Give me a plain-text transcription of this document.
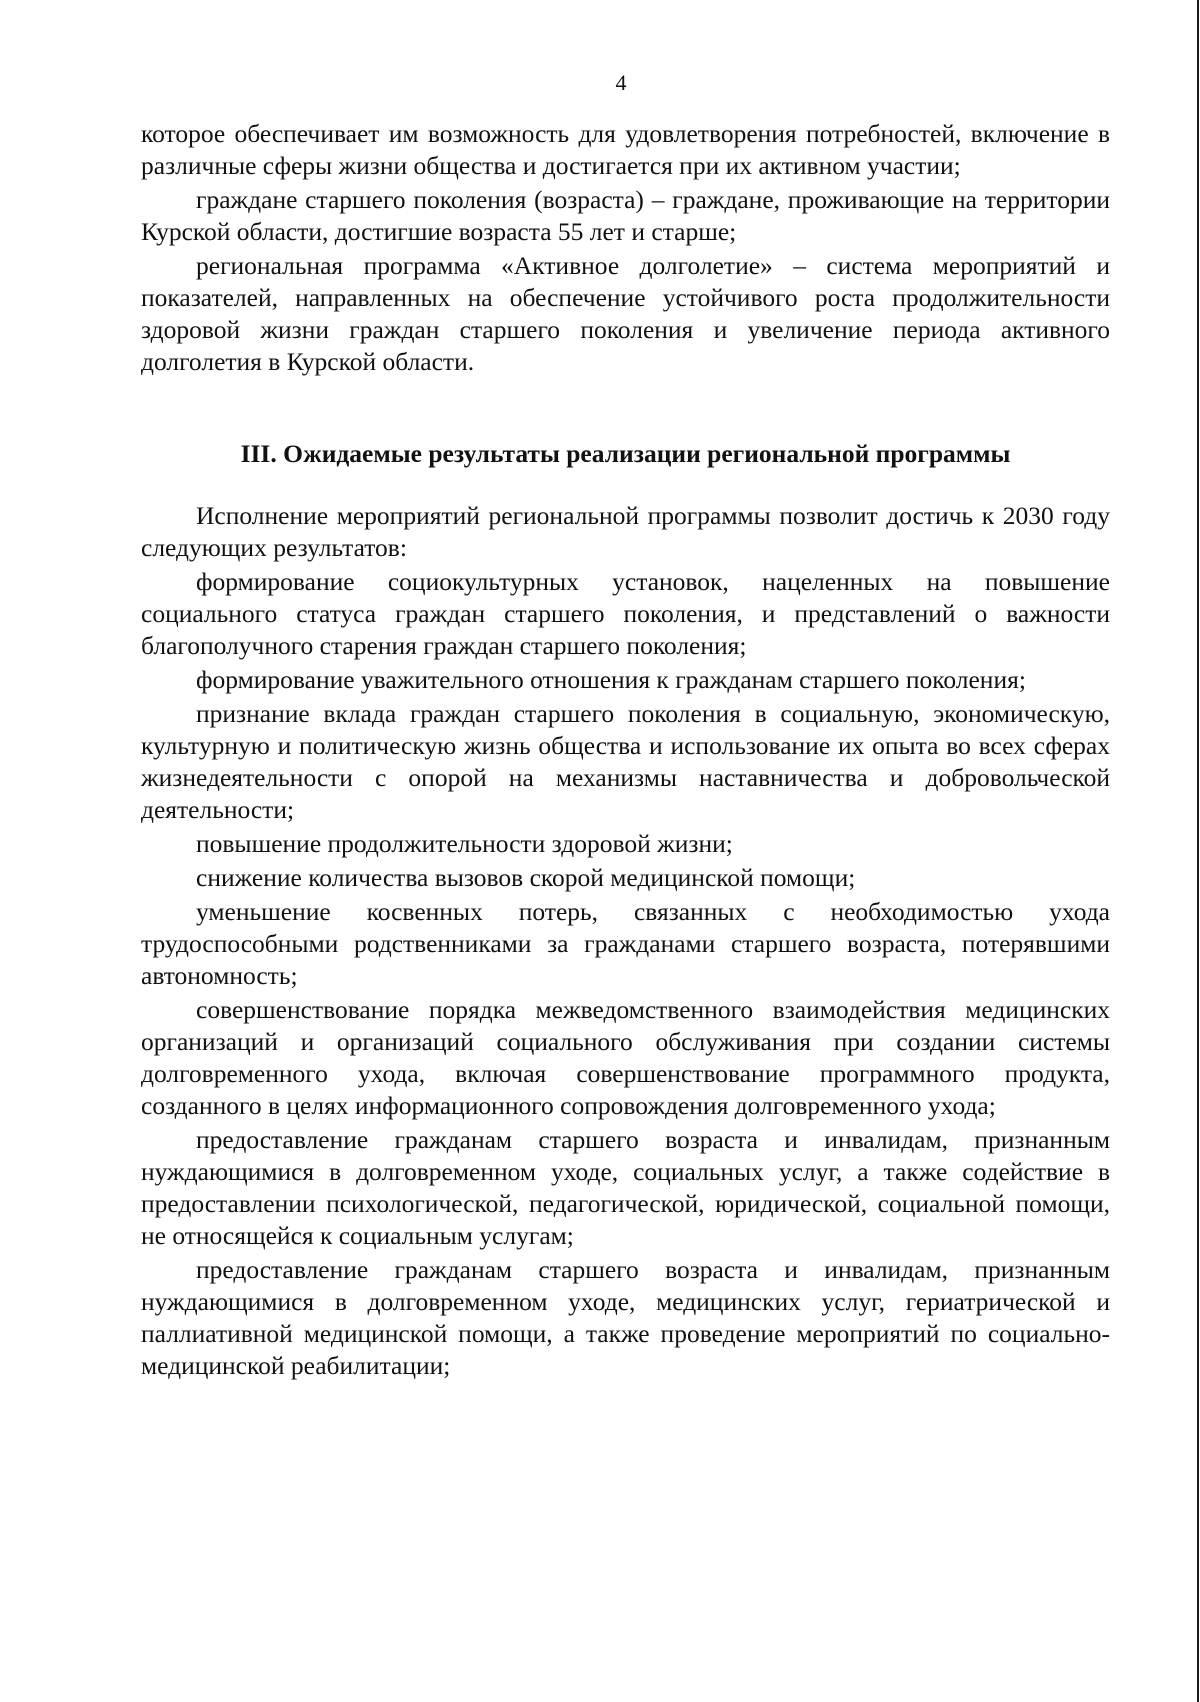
4

которое обеспечивает им возможность для удовлетворения потребностей, включение в различные сферы жизни общества и достигается при их активном участии;

граждане старшего поколения (возраста) – граждане, проживающие на территории Курской области, достигшие возраста 55 лет и старше;

региональная программа «Активное долголетие» – система мероприятий и показателей, направленных на обеспечение устойчивого роста продолжительности здоровой жизни граждан старшего поколения и увеличение периода активного долголетия в Курской области.

III. Ожидаемые результаты реализации региональной программы

Исполнение мероприятий региональной программы позволит достичь к 2030 году следующих результатов:

формирование социокультурных установок, нацеленных на повышение социального статуса граждан старшего поколения, и представлений о важности благополучного старения граждан старшего поколения;

формирование уважительного отношения к гражданам старшего поколения;

признание вклада граждан старшего поколения в социальную, экономическую, культурную и политическую жизнь общества и использование их опыта во всех сферах жизнедеятельности с опорой на механизмы наставничества и добровольческой деятельности;

повышение продолжительности здоровой жизни;

снижение количества вызовов скорой медицинской помощи;

уменьшение косвенных потерь, связанных с необходимостью ухода трудоспособными родственниками за гражданами старшего возраста, потерявшими автономность;

совершенствование порядка межведомственного взаимодействия медицинских организаций и организаций социального обслуживания при создании системы долговременного ухода, включая совершенствование программного продукта, созданного в целях информационного сопровождения долговременного ухода;

предоставление гражданам старшего возраста и инвалидам, признанным нуждающимися в долговременном уходе, социальных услуг, а также содействие в предоставлении психологической, педагогической, юридической, социальной помощи, не относящейся к социальным услугам;

предоставление гражданам старшего возраста и инвалидам, признанным нуждающимися в долговременном уходе, медицинских услуг, гериатрической и паллиативной медицинской помощи, а также проведение мероприятий по социально-медицинской реабилитации;
